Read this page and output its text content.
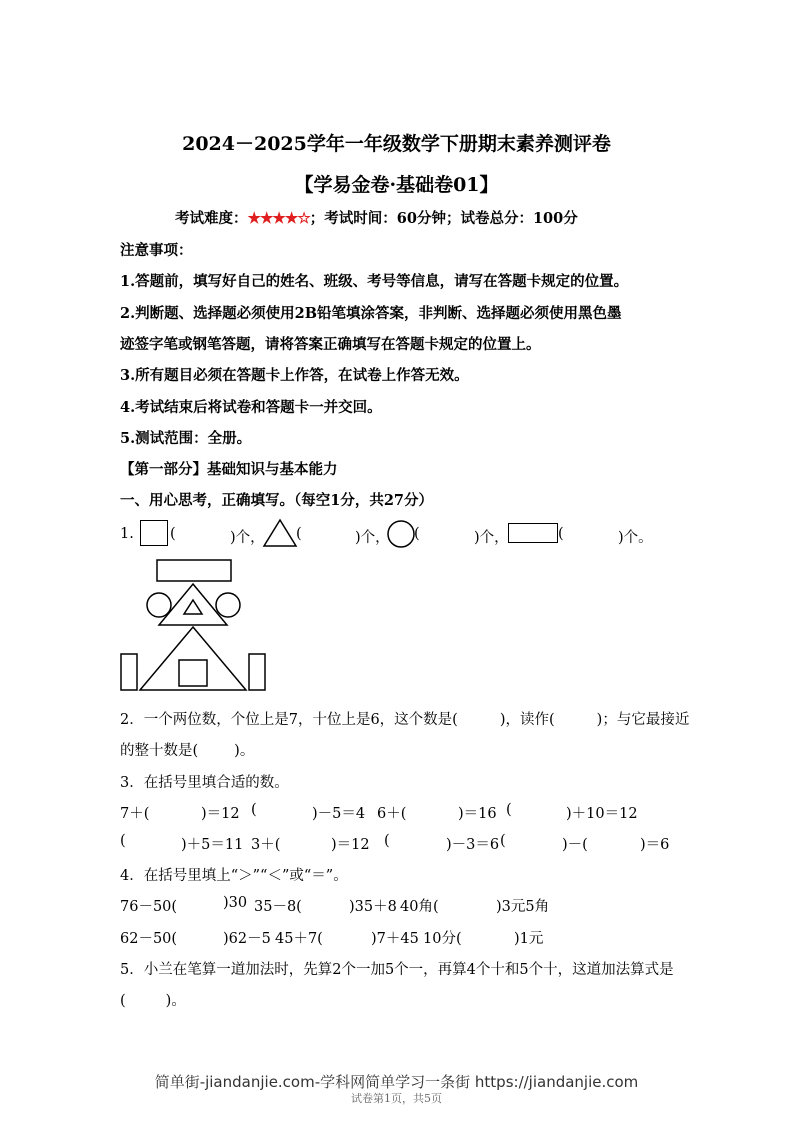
2024－2025学年一年级数学下册期末素养测评卷
【学易金卷·基础卷01】
考试难度：★★★★☆；考试时间：60分钟；试卷总分：100分
注意事项：
1.答题前，填写好自己的姓名、班级、考号等信息，请写在答题卡规定的位置。
2.判断题、选择题必须使用2B铅笔填涂答案，非判断、选择题必须使用黑色墨
迹签字笔或钢笔答题，请将答案正确填写在答题卡规定的位置上。
3.所有题目必须在答题卡上作答，在试卷上作答无效。
4.考试结束后将试卷和答题卡一并交回。
5.测试范围：全册。
【第一部分】基础知识与基本能力
一、用心思考，正确填写。（每空1分，共27分）
1. (	)个， (	)个， (	)个，	(	)个。
2．一个两位数，个位上是7，十位上是6，这个数是(	)，读作(	)；与它最接近
的整十数是( )。
3．在括号里填合适的数。
7＋(	)＝12 (	)－5＝4 6＋(	)＝16 (	)＋10＝12
(	)＋5＝11 3＋(	)＝12 (	)－3＝6 (	)－(	)＝6
4．在括号里填上“＞”“＜”或“＝”。
76－50(	)30 35－8(	)35＋8 40角(	)3元5角
62－50(	)62－5 45＋7(	)7＋45 10分(	)1元
5．小兰在笔算一道加法时，先算2个一加5个一，再算4个十和5个十，这道加法算式是
(	)。
简单街-jiandanjie.com-学科网简单学习一条街 https://jiandanjie.com
试卷第1页，共5页
